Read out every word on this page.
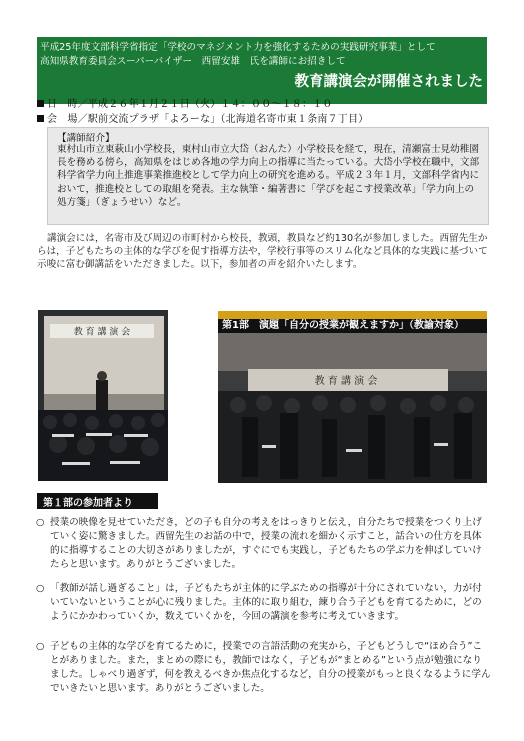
平成25年度文部科学省指定「学校のマネジメント力を強化するための実践研究事業」として
高知県教育委員会スーパーバイザー　西留安雄　氏を講師にお招きして
教育講演会が開催されました
日　時／平成２６年１月２１日（火）１４：００～１８：１０
会　場／駅前交流プラザ「よろーな」（北海道名寄市東１条南７丁目）
【講師紹介】
東村山市立東萩山小学校長，東村山市立大岱（おんた）小学校長を経て，現在，清瀬富士見幼稚園長を務める傍ら，高知県をはじめ各地の学力向上の指導に当たっている。大岱小学校在職中，文部科学省学力向上推進事業推進校として学力向上の研究を進める。平成２３年１月，文部科学省内において，推進校としての取組を発表。主な執筆・編著書に「学びを起こす授業改革」「学力向上の処方箋」（ぎょうせい）など。
講演会には，名寄市及び周辺の市町村から校長，教頭，教員など約130名が参加しました。西留先生からは，子どもたちの主体的な学びを促す指導方法や，学校行事等のスリム化など具体的な実践に基づいて示唆に富む御講話をいただきました。以下，参加者の声を紹介いたします。
教 育 講 演 会
第1部　演題「自分の授業が観えますか」（教諭対象）
教 育 講 演 会
第１部の参加者より
○ 授業の映像を見せていただき，どの子も自分の考えをはっきりと伝え，自分たちで授業をつくり上げていく姿に驚きました。西留先生のお話の中で，授業の流れを細かく示すこと，話合いの仕方を具体的に指導することの大切さがありましたが，すぐにでも実践し，子どもたちの学ぶ力を伸ばしていけたらと思います。ありがとうございました。
○ 「教師が話し過ぎること」は，子どもたちが主体的に学ぶための指導が十分にされていない，力が付いていないということが心に残りました。主体的に取り組む，練り合う子どもを育てるために，どのようにかかわっていくか，数えていくかを，今回の講演を参考に考えていきます。
○ 子どもの主体的な学びを育てるために，授業での言語活動の充実から，子どもどうしで“ほめ合う”ことがありました。また，まとめの際にも，教師ではなく，子どもが“まとめる”という点が勉強になりました。しゃべり過ぎず，何を教えるべきか焦点化するなど，自分の授業がもっと良くなるように学んでいきたいと思います。ありがとうございました。
